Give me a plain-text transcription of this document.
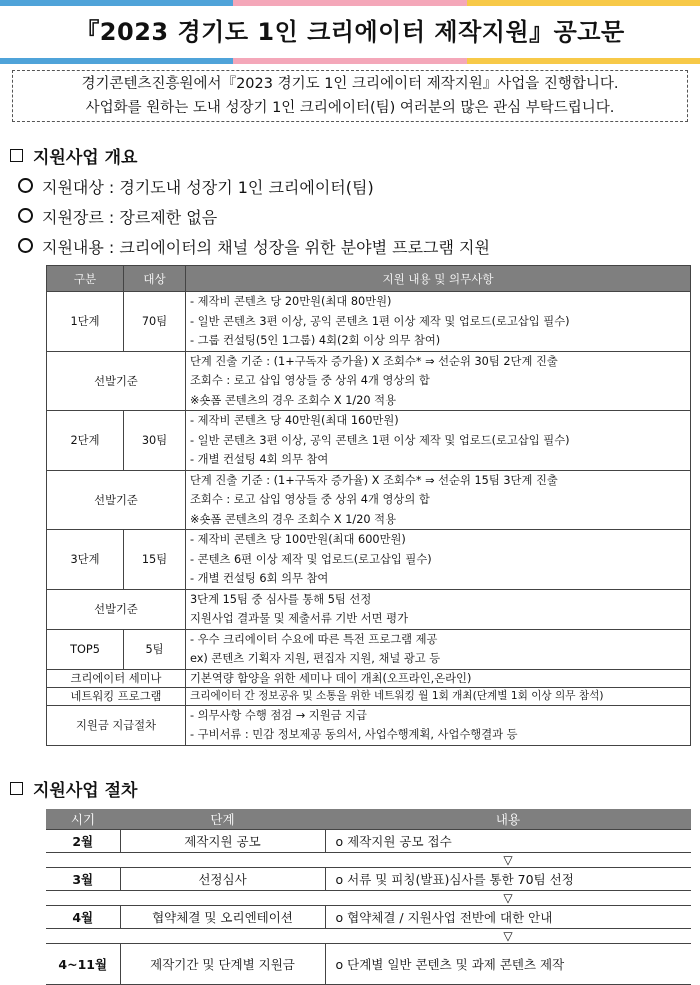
『2023 경기도 1인 크리에이터 제작지원』공고문
경기콘텐츠진흥원에서『2023 경기도 1인 크리에이터 제작지원』사업을 진행합니다.
사업화를 원하는 도내 성장기 1인 크리에이터(팀) 여러분의 많은 관심 부탁드립니다.
지원사업 개요
지원대상 : 경기도내 성장기 1인 크리에이터(팀)
지원장르 : 장르제한 없음
지원내용 : 크리에이터의 채널 성장을 위한 분야별 프로그램 지원
구분	대상	지원 내용 및 의무사항
1단계	70팀	- 제작비 콘텐츠 당 20만원(최대 80만원)
- 일반 콘텐츠 3편 이상, 공익 콘텐츠 1편 이상 제작 및 업로드(로고삽입 필수)
- 그룹 컨설팅(5인 1그룹) 4회(2회 이상 의무 참여)

선발기준		단계 진출 기준 : (1+구독자 증가율) X 조회수* ⇒ 선순위 30팀 2단계 진출
조회수 : 로고 삽입 영상들 중 상위 4개 영상의 합
※숏폼 콘텐츠의 경우 조회수 X 1/20 적용

2단계	30팀	- 제작비 콘텐츠 당 40만원(최대 160만원)
- 일반 콘텐츠 3편 이상, 공익 콘텐츠 1편 이상 제작 및 업로드(로고삽입 필수)
- 개별 컨설팅 4회 의무 참여

선발기준		단계 진출 기준 : (1+구독자 증가율) X 조회수* ⇒ 선순위 15팀 3단계 진출
조회수 : 로고 삽입 영상들 중 상위 4개 영상의 합
※숏폼 콘텐츠의 경우 조회수 X 1/20 적용

3단계	15팀	- 제작비 콘텐츠 당 100만원(최대 600만원)
- 콘텐츠 6편 이상 제작 및 업로드(로고삽입 필수)
- 개별 컨설팅 6회 의무 참여

선발기준		3단계 15팀 중 심사를 통해 5팀 선정
지원사업 결과물 및 제출서류 기반 서면 평가

TOP5	5팀	- 우수 크리에이터 수요에 따른 특전 프로그램 제공
ex) 콘텐츠 기획자 지원, 편집자 지원, 채널 광고 등

크리에이터 세미나		기본역량 함양을 위한 세미나 데이 개최(오프라인,온라인)

네트워킹 프로그램		크리에이터 간 정보공유 및 소통을 위한 네트워킹 월 1회 개최(단계별 1회 이상 의무 참석)

지원금 지급절차		- 의무사항 수행 점검 → 지원금 지급
- 구비서류 : 민감 정보제공 동의서, 사업수행계획, 사업수행결과 등
지원사업 절차
시기	단계	내용
2월	제작지원 공모	o 제작지원 공모 접수
		▽
3월	선정심사	o 서류 및 피칭(발표)심사를 통한 70팀 선정
		▽
4월	협약체결 및 오리엔테이션	o 협약체결 / 지원사업 전반에 대한 안내
		▽
4~11월	제작기간 및 단계별 지원금	o 단계별 일반 콘텐츠 및 과제 콘텐츠 제작
